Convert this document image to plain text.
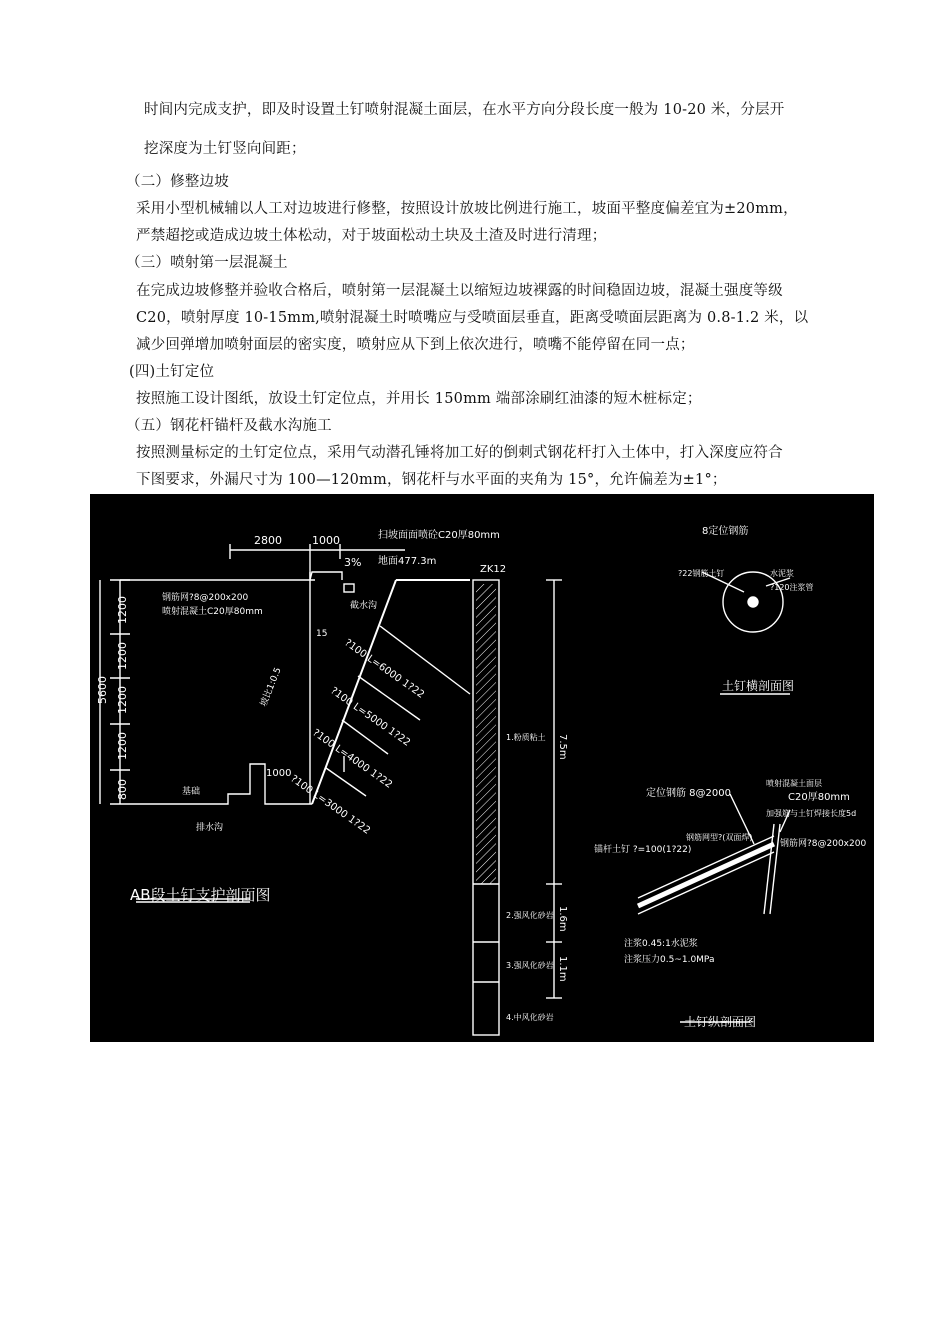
时间内完成支护，即及时设置土钉喷射混凝土面层，在水平方向分段长度一般为 10-20 米，分层开
挖深度为土钉竖向间距；
（二）修整边坡
采用小型机械辅以人工对边坡进行修整，按照设计放坡比例进行施工，坡面平整度偏差宜为±20mm，
严禁超挖或造成边坡土体松动，对于坡面松动土块及土渣及时进行清理；
（三）喷射第一层混凝土
在完成边坡修整并验收合格后，喷射第一层混凝土以缩短边坡裸露的时间稳固边坡，混凝土强度等级
C20，喷射厚度 10-15mm,喷射混凝土时喷嘴应与受喷面层垂直，距离受喷面层距离为 0.8-1.2 米，以
减少回弹增加喷射面层的密实度，喷射应从下到上依次进行，喷嘴不能停留在同一点；
(四)土钉定位
按照施工设计图纸，放设土钉定位点，并用长 150mm 端部涂刷红油漆的短木桩标定；
（五）钢花杆锚杆及截水沟施工
按照测量标定的土钉定位点，采用气动潜孔锤将加工好的倒刺式钢花杆打入土体中，打入深度应符合
下图要求，外漏尺寸为 100—120mm，钢花杆与水平面的夹角为 15°，允许偏差为±1°；
AB段土钉支护剖面图
2800	1000
3%
扫坡面面喷砼C20厚80mm
地面477.3m
ZK12
钢筋网?8@200x200
喷射混凝土C20厚80mm
截水沟
坡比1:0.5
15
?100 L=6000 1?22
?100 L=5000 1?22
?100 L=4000 1?22
?100 L=3000 1?22
1200
1200
1200
1200
800
5600
1000
基础
排水沟
1.粉质粘土 7.5m
2.强风化砂岩 1.6m
3.强风化砂岩 1.1m
4.中风化砂岩
8定位钢筋
?22钢筋土钉	水泥浆
?120注浆管
土钉横剖面图
定位钢筋 8@2000
喷射混凝土面层
C20厚80mm
加强筋与土钉焊接长度5d
钢筋网?8@200x200
钢筋网型?(双面焊)
锚杆土钉 ?=100(1?22)
注浆0.45:1水泥浆
注浆压力0.5~1.0MPa
土钉纵剖面图
